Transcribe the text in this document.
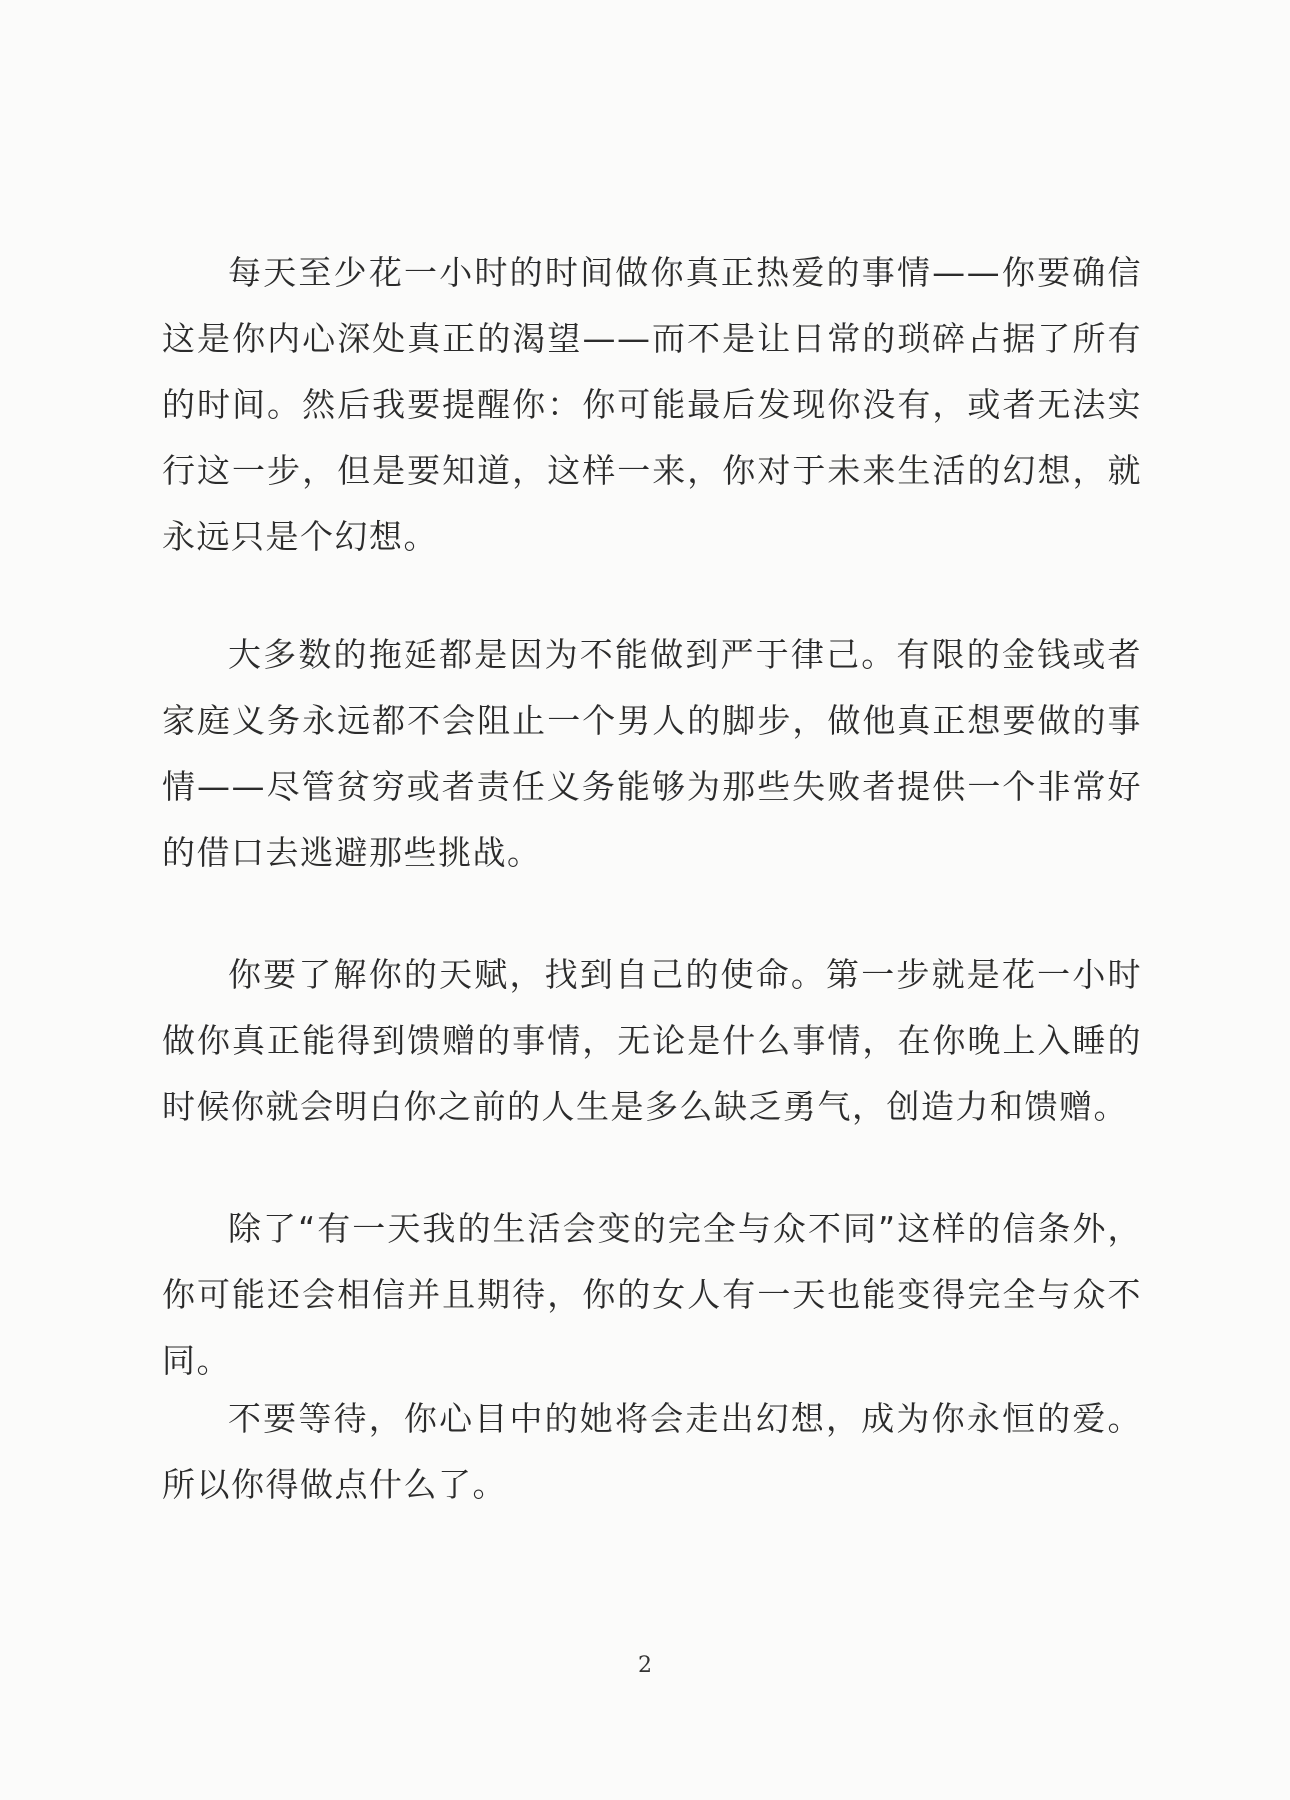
每天至少花一小时的时间做你真正热爱的事情——你要确信这是你内心深处真正的渴望——而不是让日常的琐碎占据了所有的时间。然后我要提醒你：你可能最后发现你没有，或者无法实行这一步，但是要知道，这样一来，你对于未来生活的幻想，就永远只是个幻想。

大多数的拖延都是因为不能做到严于律己。有限的金钱或者家庭义务永远都不会阻止一个男人的脚步，做他真正想要做的事情——尽管贫穷或者责任义务能够为那些失败者提供一个非常好的借口去逃避那些挑战。

你要了解你的天赋，找到自己的使命。第一步就是花一小时做你真正能得到馈赠的事情，无论是什么事情，在你晚上入睡的时候你就会明白你之前的人生是多么缺乏勇气，创造力和馈赠。

除了“有一天我的生活会变的完全与众不同”这样的信条外，你可能还会相信并且期待，你的女人有一天也能变得完全与众不同。

不要等待，你心目中的她将会走出幻想，成为你永恒的爱。所以你得做点什么了。

2
